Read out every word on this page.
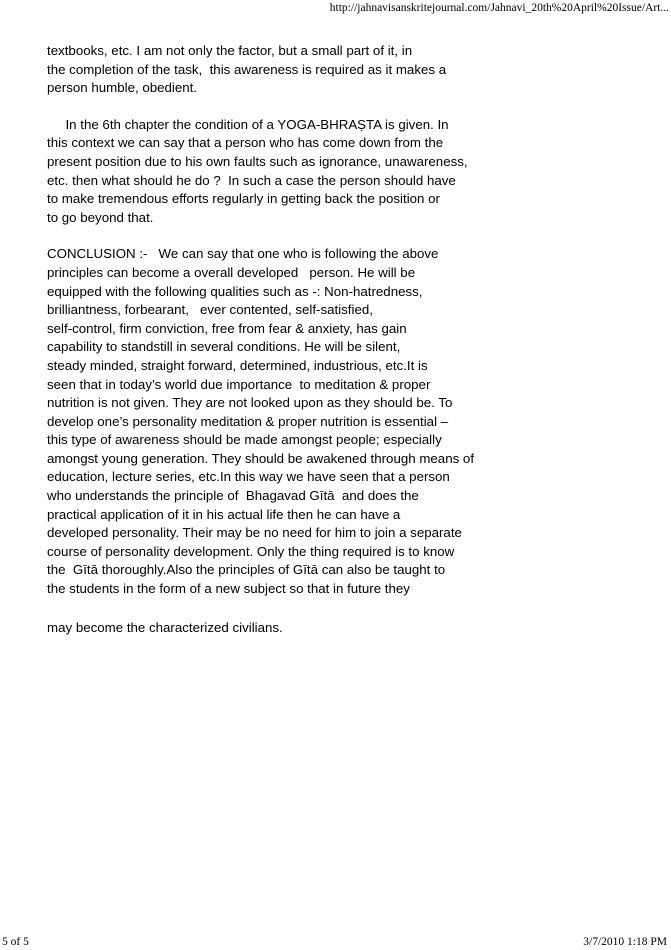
http://jahnavisanskritejournal.com/Jahnavi_20th%20April%20Issue/Art...
textbooks, etc. I am not only the factor, but a small part of it, in
the completion of the task,  this awareness is required as it makes a
person humble, obedient.
In the 6th chapter the condition of a YOGA-BHRAṢTA is given. In
this context we can say that a person who has come down from the
present position due to his own faults such as ignorance, unawareness,
etc. then what should he do ?  In such a case the person should have
to make tremendous efforts regularly in getting back the position or
to go beyond that.
CONCLUSION :-   We can say that one who is following the above
principles can become a overall developed   person. He will be
equipped with the following qualities such as -: Non-hatredness,
brilliantness, forbearant,   ever contented, self-satisfied,
self-control, firm conviction, free from fear & anxiety, has gain
capability to standstill in several conditions. He will be silent,
steady minded, straight forward, determined, industrious, etc.It is
seen that in today’s world due importance  to meditation & proper
nutrition is not given. They are not looked upon as they should be. To
develop one’s personality meditation & proper nutrition is essential –
this type of awareness should be made amongst people; especially
amongst young generation. They should be awakened through means of
education, lecture series, etc.In this way we have seen that a person
who understands the principle of  Bhagavad Gītā  and does the
practical application of it in his actual life then he can have a
developed personality. Their may be no need for him to join a separate
course of personality development. Only the thing required is to know
the  Gītā thoroughly.Also the principles of Gītā can also be taught to
the students in the form of a new subject so that in future they
may become the characterized civilians.
5 of 5	3/7/2010 1:18 PM
